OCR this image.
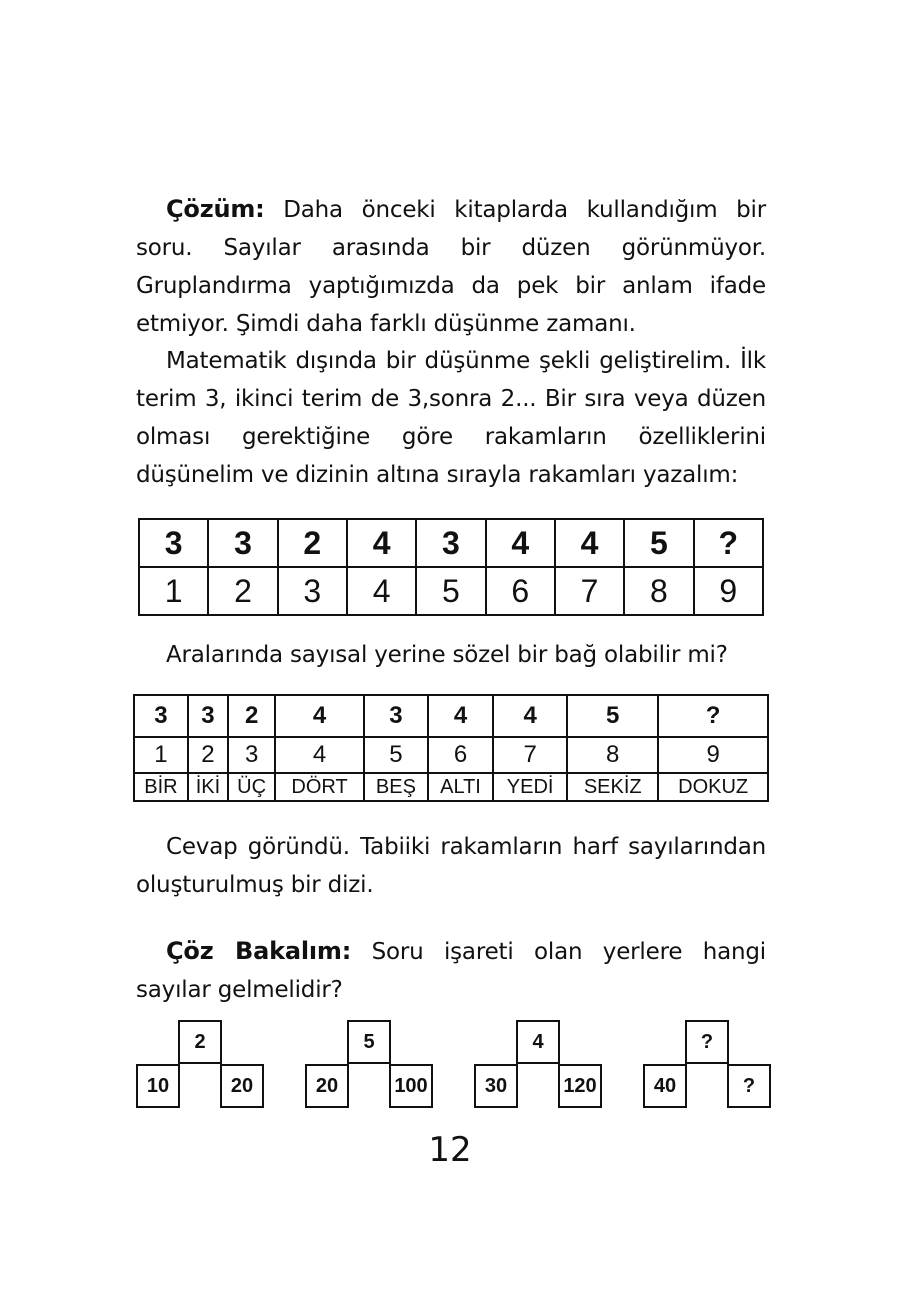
Çözüm: Daha önceki kitaplarda kullandığım bir soru. Sayılar arasında bir düzen görünmüyor. Gruplandırma yaptığımızda da pek bir anlam ifade etmiyor. Şimdi daha farklı düşünme zamanı.
Matematik dışında bir düşünme şekli geliştirelim. İlk terim 3, ikinci terim de 3,sonra 2... Bir sıra veya düzen olması gerektiğine göre rakamların özelliklerini düşünelim ve dizinin altına sırayla rakamları yazalım:
3	3	2	4	3	4	4	5	?
1	2	3	4	5	6	7	8	9
Aralarında sayısal yerine sözel bir bağ olabilir mi?
3	3	2	4	3	4	4	5	?
1	2	3	4	5	6	7	8	9
BİR	İKİ	ÜÇ	DÖRT	BEŞ	ALTI	YEDİ	SEKİZ	DOKUZ
Cevap göründü. Tabiiki rakamların harf sayılarından oluşturulmuş bir dizi.
Çöz Bakalım: Soru işareti olan yerlere hangi sayılar gelmelidir?
2
10	20
5
20	100
4
30	120
?
40	?
12
